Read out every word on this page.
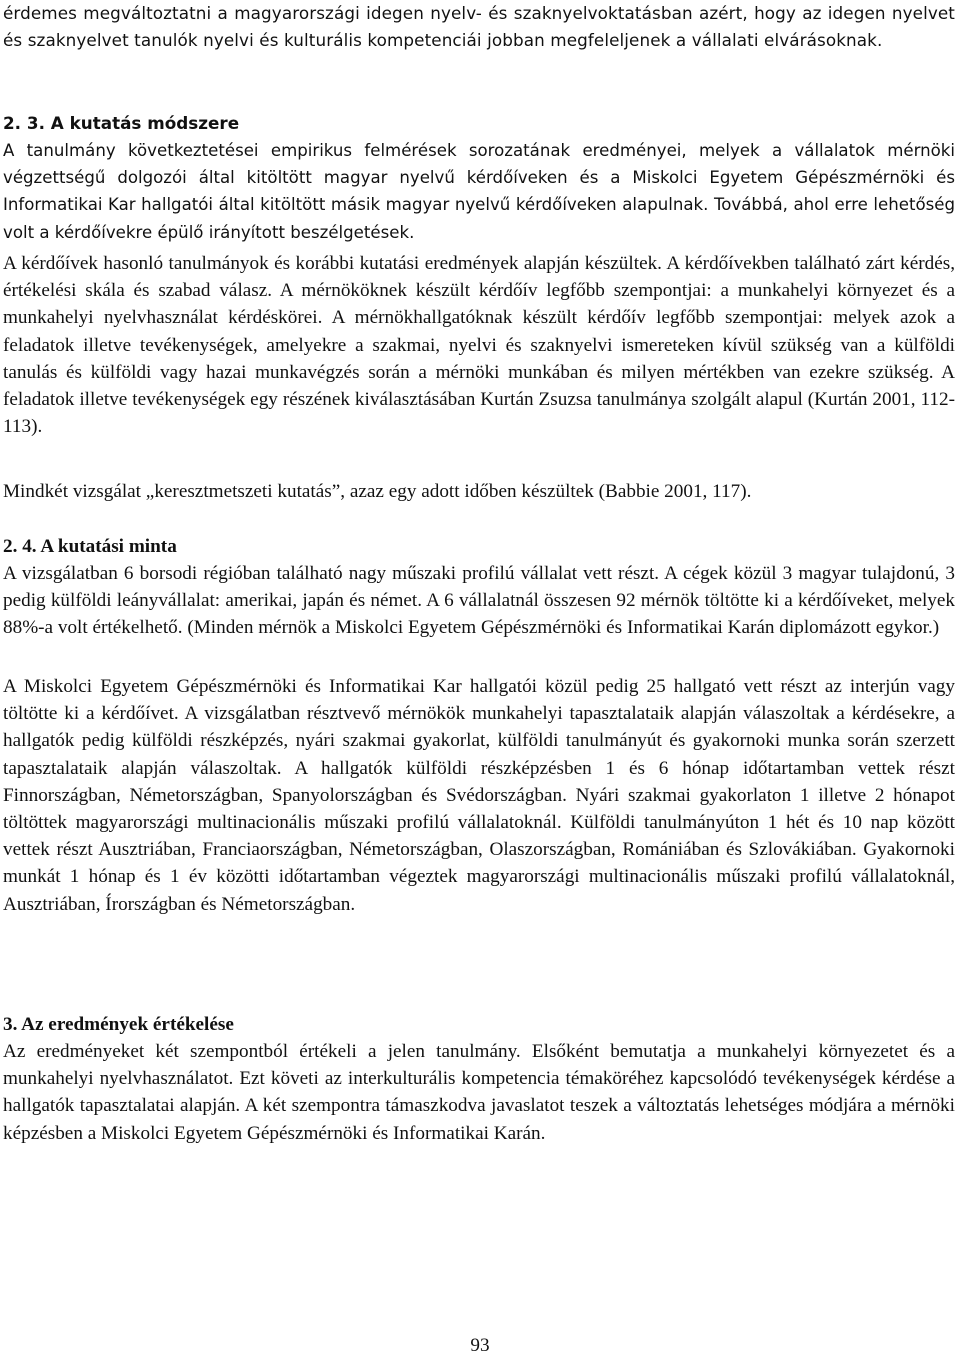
érdemes megváltoztatni a magyarországi idegen nyelv- és szaknyelvoktatásban azért, hogy az idegen nyelvet és szaknyelvet tanulók nyelvi és kulturális kompetenciái jobban megfeleljenek a vállalati elvárásoknak.

2. 3. A kutatás módszere

A tanulmány következtetései empirikus felmérések sorozatának eredményei, melyek a vállalatok mérnöki végzettségű dolgozói által kitöltött magyar nyelvű kérdőíveken és a Miskolci Egyetem Gépészmérnöki és Informatikai Kar hallgatói által kitöltött másik magyar nyelvű kérdőíveken alapulnak. Továbbá, ahol erre lehetőség volt a kérdőívekre épülő irányított beszélgetések.

A kérdőívek hasonló tanulmányok és korábbi kutatási eredmények alapján készültek. A kérdőívekben található zárt kérdés, értékelési skála és szabad válasz. A mérnököknek készült kérdőív legfőbb szempontjai: a munkahelyi környezet és a munkahelyi nyelvhasználat kérdéskörei. A mérnökhallgatóknak készült kérdőív legfőbb szempontjai: melyek azok a feladatok illetve tevékenységek, amelyekre a szakmai, nyelvi és szaknyelvi ismereteken kívül szükség van a külföldi tanulás és külföldi vagy hazai munkavégzés során a mérnöki munkában és milyen mértékben van ezekre szükség. A feladatok illetve tevékenységek egy részének kiválasztásában Kurtán Zsuzsa tanulmánya szolgált alapul (Kurtán 2001, 112-113).

Mindkét vizsgálat „keresztmetszeti kutatás”, azaz egy adott időben készültek (Babbie 2001, 117).

2. 4. A kutatási minta

A vizsgálatban 6 borsodi régióban található nagy műszaki profilú vállalat vett részt. A cégek közül 3 magyar tulajdonú, 3 pedig külföldi leányvállalat: amerikai, japán és német. A 6 vállalatnál összesen 92 mérnök töltötte ki a kérdőíveket, melyek 88%-a volt értékelhető. (Minden mérnök a Miskolci Egyetem Gépészmérnöki és Informatikai Karán diplomázott egykor.)

A Miskolci Egyetem Gépészmérnöki és Informatikai Kar hallgatói közül pedig 25 hallgató vett részt az interjún vagy töltötte ki a kérdőívet. A vizsgálatban résztvevő mérnökök munkahelyi tapasztalataik alapján válaszoltak a kérdésekre, a hallgatók pedig külföldi részképzés, nyári szakmai gyakorlat, külföldi tanulmányút és gyakornoki munka során szerzett tapasztalataik alapján válaszoltak. A hallgatók külföldi részképzésben 1 és 6 hónap időtartamban vettek részt Finnországban, Németországban, Spanyolországban és Svédországban. Nyári szakmai gyakorlaton 1 illetve 2 hónapot töltöttek magyarországi multinacionális műszaki profilú vállalatoknál. Külföldi tanulmányúton 1 hét és 10 nap között vettek részt Ausztriában, Franciaországban, Németországban, Olaszországban, Romániában és Szlovákiában. Gyakornoki munkát 1 hónap és 1 év közötti időtartamban végeztek magyarországi multinacionális műszaki profilú vállalatoknál, Ausztriában, Írországban és Németországban.

3. Az eredmények értékelése

Az eredményeket két szempontból értékeli a jelen tanulmány. Elsőként bemutatja a munkahelyi környezetet és a munkahelyi nyelvhasználatot. Ezt követi az interkulturális kompetencia témaköréhez kapcsolódó tevékenységek kérdése a hallgatók tapasztalatai alapján. A két szempontra támaszkodva javaslatot teszek a változtatás lehetséges módjára a mérnöki képzésben a Miskolci Egyetem Gépészmérnöki és Informatikai Karán.

93
